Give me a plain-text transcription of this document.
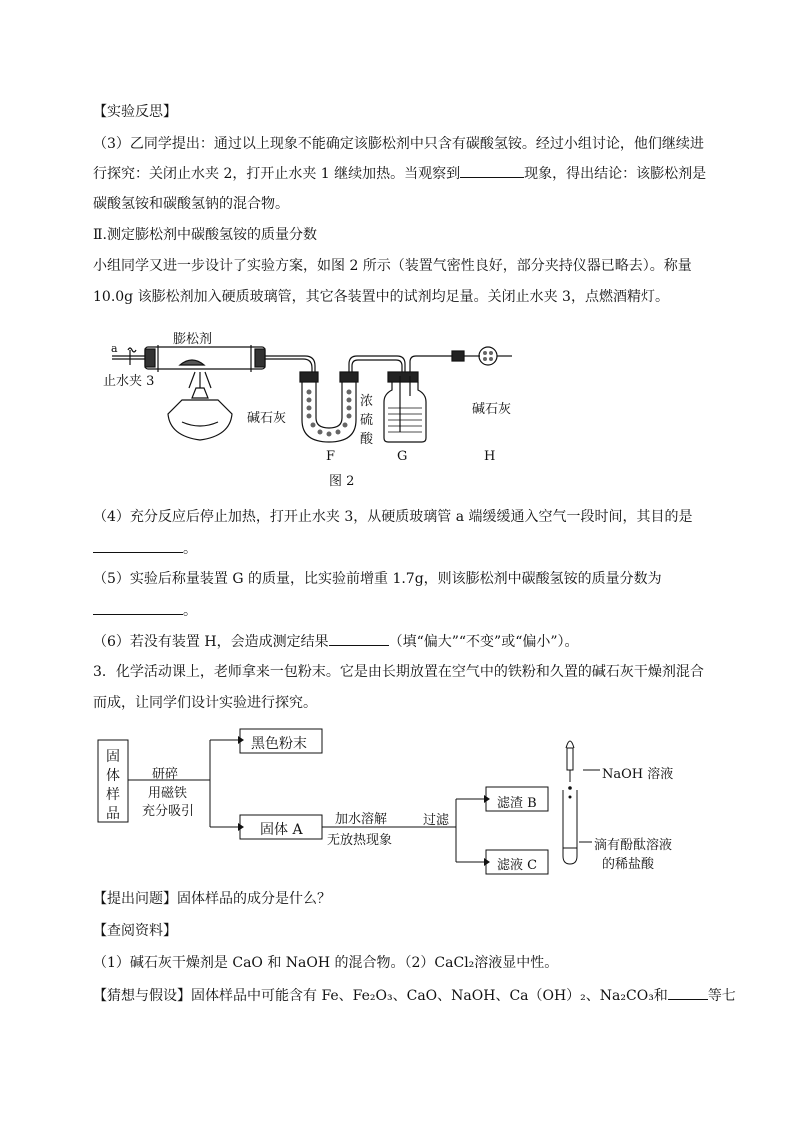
【实验反思】
（3）乙同学提出：通过以上现象不能确定该膨松剂中只含有碳酸氢铵。经过小组讨论，他们继续进
行探究：关闭止水夹 2，打开止水夹 1 继续加热。当观察到	现象，得出结论：该膨松剂是
碳酸氢铵和碳酸氢钠的混合物。
Ⅱ.测定膨松剂中碳酸氢铵的质量分数
小组同学又进一步设计了实验方案，如图 2 所示（装置气密性良好，部分夹持仪器已略去）。称量
10.0g 该膨松剂加入硬质玻璃管，其它各装置中的试剂均足量。关闭止水夹 3，点燃酒精灯。
a
膨松剂
止水夹 3
碱石灰
浓
硫
酸
碱石灰
F	G	H
图 2
（4）充分反应后停止加热，打开止水夹 3，从硬质玻璃管 a 端缓缓通入空气一段时间，其目的是
。
（5）实验后称量装置 G 的质量，比实验前增重 1.7g，则该膨松剂中碳酸氢铵的质量分数为
。
（6）若没有装置 H，会造成测定结果	（填“偏大”“不变”或“偏小”）。
3．化学活动课上，老师拿来一包粉末。它是由长期放置在空气中的铁粉和久置的碱石灰干燥剂混合
而成，让同学们设计实验进行探究。
固
体
样
品
研碎
用磁铁
充分吸引
黑色粉末
固体 A
加水溶解
无放热现象
过滤
滤渣 B
滤液 C
NaOH 溶液
滴有酚酞溶液
的稀盐酸
【提出问题】固体样品的成分是什么？
【查阅资料】
（1）碱石灰干燥剂是 CaO 和 NaOH 的混合物。（2）CaCl₂溶液显中性。
【猜想与假设】固体样品中可能含有 Fe、Fe₂O₃、CaO、NaOH、Ca（OH）₂、Na₂CO₃和	等七
